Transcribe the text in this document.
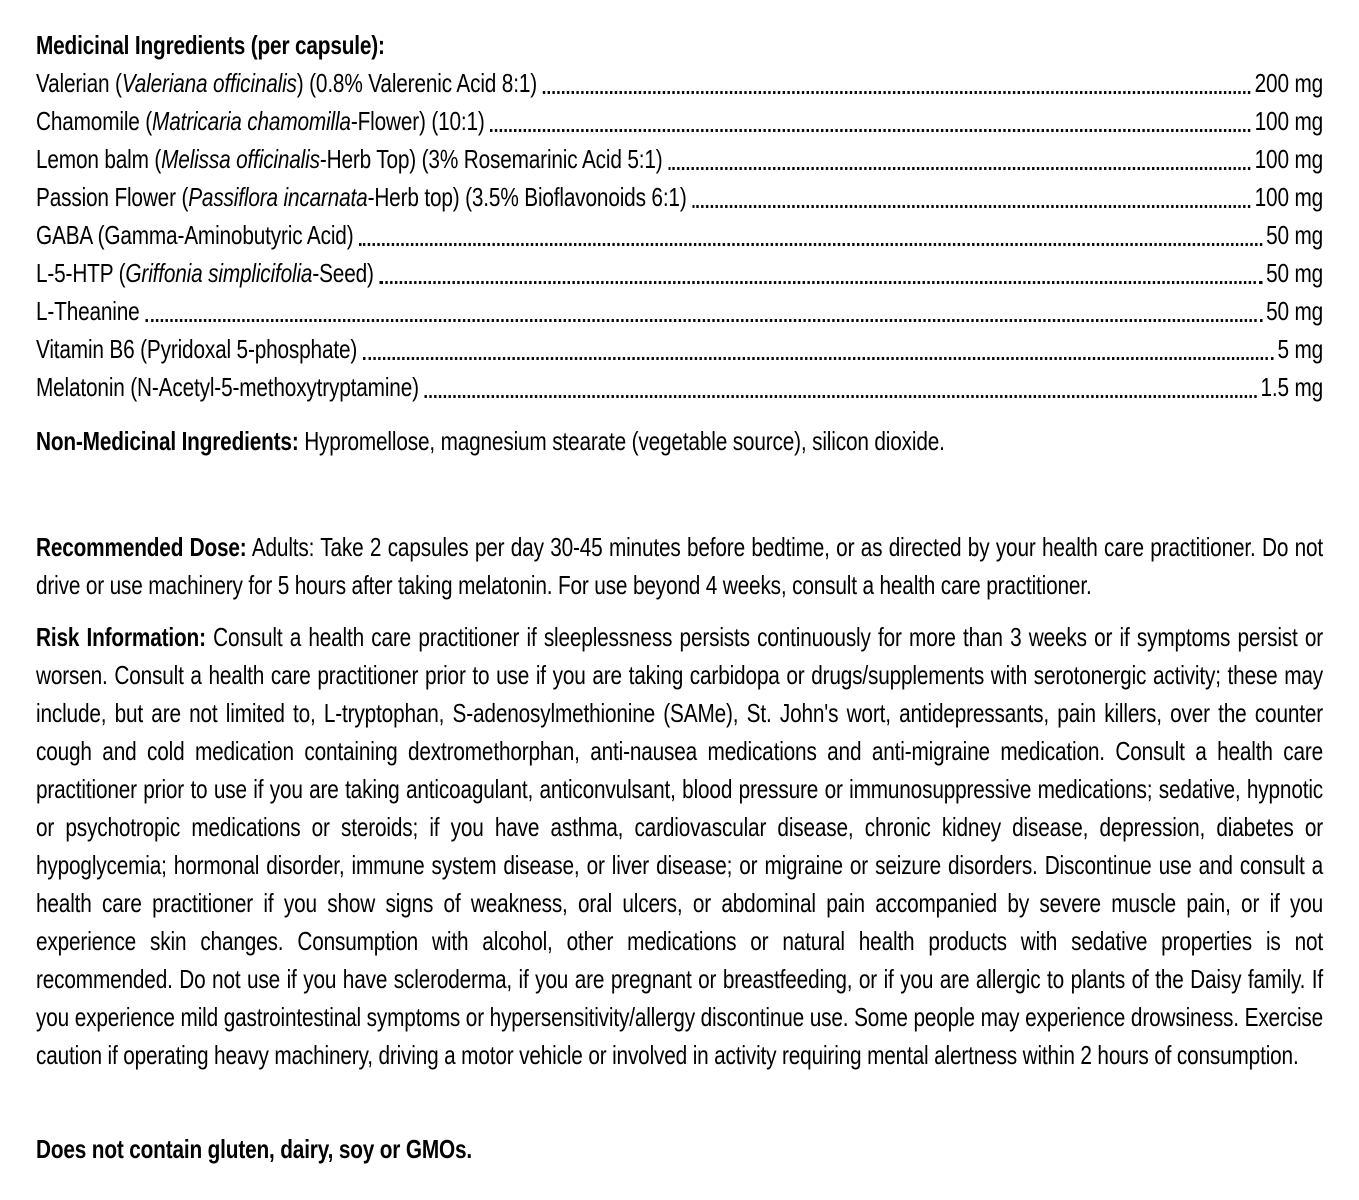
Medicinal Ingredients (per capsule):
Valerian (Valeriana officinalis) (0.8% Valerenic Acid 8:1)	200 mg
Chamomile (Matricaria chamomilla-Flower) (10:1)	100 mg
Lemon balm (Melissa officinalis-Herb Top) (3% Rosemarinic Acid 5:1)	100 mg
Passion Flower (Passiflora incarnata-Herb top) (3.5% Bioflavonoids 6:1)	100 mg
GABA (Gamma-Aminobutyric Acid)	50 mg
L-5-HTP (Griffonia simplicifolia-Seed)	50 mg
L-Theanine	50 mg
Vitamin B6 (Pyridoxal 5-phosphate)	5 mg
Melatonin (N-Acetyl-5-methoxytryptamine)	1.5 mg

Non-Medicinal Ingredients: Hypromellose, magnesium stearate (vegetable source), silicon dioxide.

Recommended Dose: Adults: Take 2 capsules per day 30-45 minutes before bedtime, or as directed by your health care practitioner. Do not drive or use machinery for 5 hours after taking melatonin. For use beyond 4 weeks, consult a health care practitioner.

Risk Information: Consult a health care practitioner if sleeplessness persists continuously for more than 3 weeks or if symptoms persist or worsen. Consult a health care practitioner prior to use if you are taking carbidopa or drugs/supplements with serotonergic activity; these may include, but are not limited to, L-tryptophan, S-adenosylmethionine (SAMe), St. John's wort, antidepressants, pain killers, over the counter cough and cold medication containing dextromethorphan, anti-nausea medications and anti-migraine medication. Consult a health care practitioner prior to use if you are taking anticoagulant, anticonvulsant, blood pressure or immunosuppressive medications; sedative, hypnotic or psychotropic medications or steroids; if you have asthma, cardiovascular disease, chronic kidney disease, depression, diabetes or hypoglycemia; hormonal disorder, immune system disease, or liver disease; or migraine or seizure disorders. Discontinue use and consult a health care practitioner if you show signs of weakness, oral ulcers, or abdominal pain accompanied by severe muscle pain, or if you experience skin changes. Consumption with alcohol, other medications or natural health products with sedative properties is not recommended. Do not use if you have scleroderma, if you are pregnant or breastfeeding, or if you are allergic to plants of the Daisy family. If you experience mild gastrointestinal symptoms or hypersensitivity/allergy discontinue use. Some people may experience drowsiness. Exercise caution if operating heavy machinery, driving a motor vehicle or involved in activity requiring mental alertness within 2 hours of consumption.

Does not contain gluten, dairy, soy or GMOs.
